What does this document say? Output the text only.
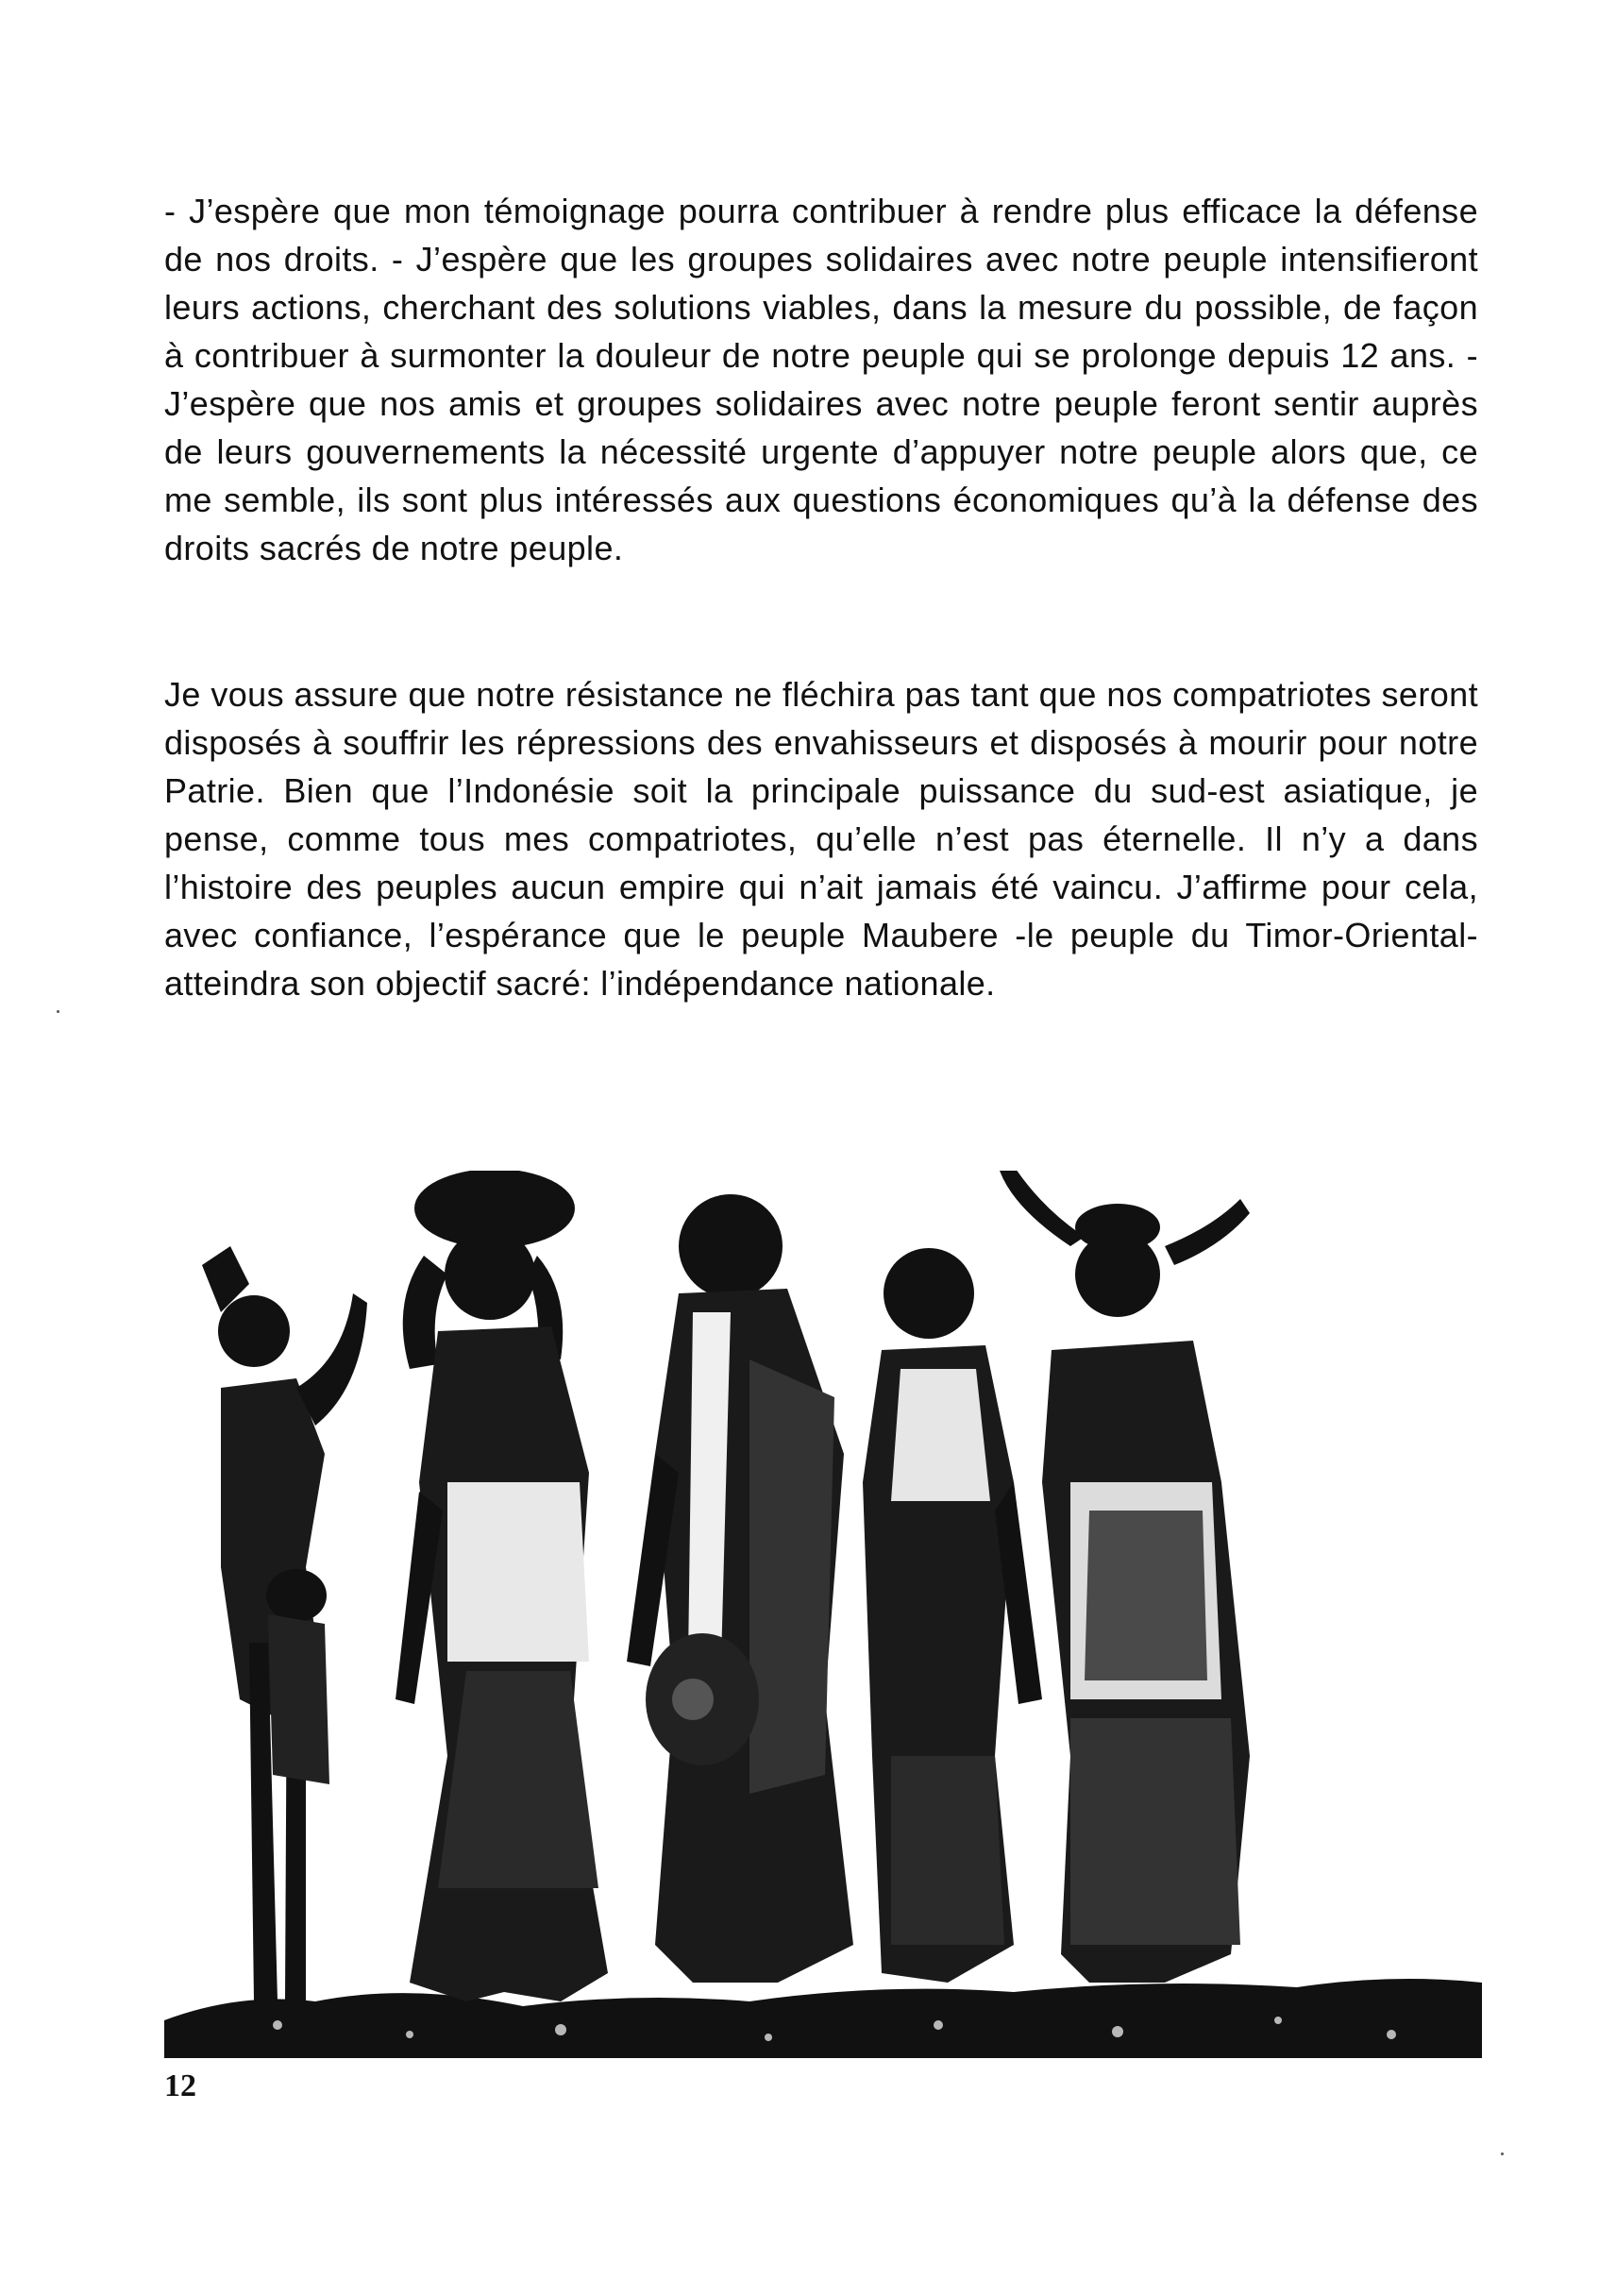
- J’espère que mon témoignage pourra contribuer à rendre plus efficace la défense de nos droits. - J’espère que les groupes solidaires avec notre peuple intensifieront leurs actions, cherchant des solutions viables, dans la mesure du possible, de façon à contribuer à surmonter la douleur de notre peuple qui se prolonge depuis 12 ans. - J’espère que nos amis et groupes solidaires avec notre peuple feront sentir auprès de leurs gouvernements la nécessité urgente d’appuyer notre peuple alors que, ce me semble, ils sont plus intéressés aux questions économiques qu’à la défense des droits sacrés de notre peuple.

Je vous assure que notre résistance ne fléchira pas tant que nos compatriotes seront disposés à souffrir les répressions des envahisseurs et disposés à mourir pour notre Patrie. Bien que l’Indonésie soit la principale puissance du sud-est asiatique, je pense, comme tous mes compatriotes, qu’elle n’est pas éternelle. Il n’y a dans l’histoire des peuples aucun empire qui n’ait jamais été vaincu. J’affirme pour cela, avec confiance, l’espérance que le peuple Maubere -le peuple du Timor-Oriental- atteindra son objectif sacré: l’indépendance nationale.

12
